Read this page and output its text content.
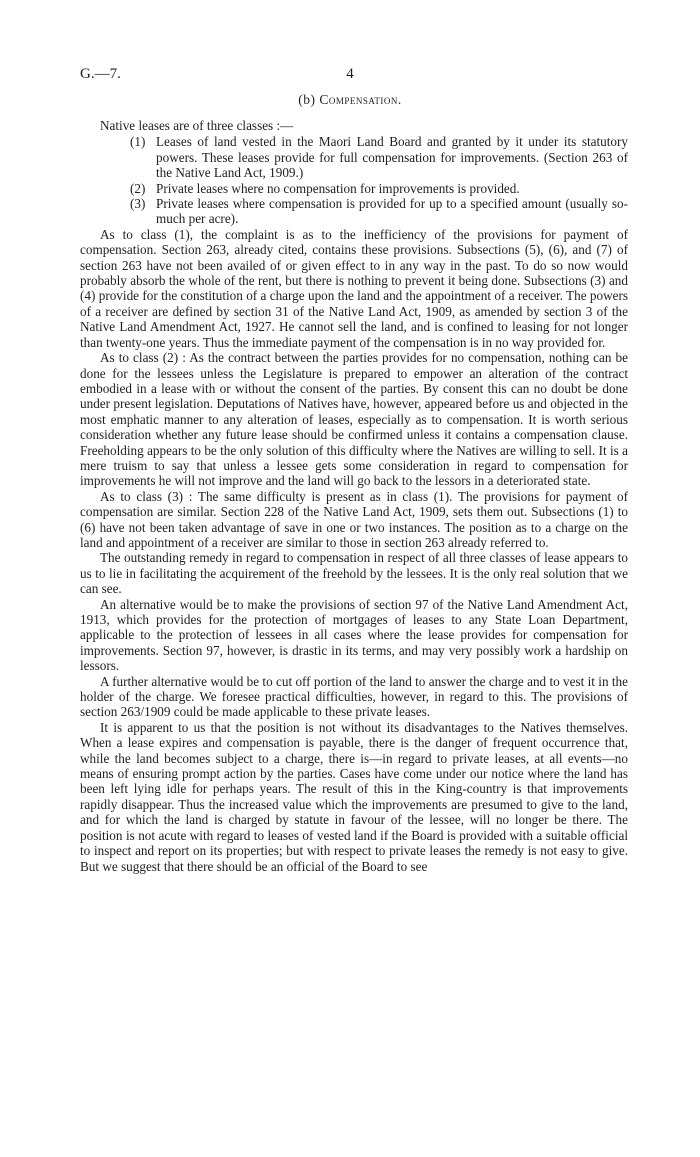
G.—7.	4
(b) Compensation.

Native leases are of three classes :—

(1) Leases of land vested in the Maori Land Board and granted by it under its statutory powers. These leases provide for full compensation for improvements. (Section 263 of the Native Land Act, 1909.)
(2) Private leases where no compensation for improvements is provided.
(3) Private leases where compensation is provided for up to a specified amount (usually so-much per acre).

As to class (1), the complaint is as to the inefficiency of the provisions for payment of compensation. Section 263, already cited, contains these provisions. Subsections (5), (6), and (7) of section 263 have not been availed of or given effect to in any way in the past. To do so now would probably absorb the whole of the rent, but there is nothing to prevent it being done. Subsections (3) and (4) provide for the constitution of a charge upon the land and the appointment of a receiver. The powers of a receiver are defined by section 31 of the Native Land Act, 1909, as amended by section 3 of the Native Land Amendment Act, 1927. He cannot sell the land, and is confined to leasing for not longer than twenty-one years. Thus the immediate payment of the compensation is in no way provided for.

As to class (2) : As the contract between the parties provides for no compensation, nothing can be done for the lessees unless the Legislature is prepared to empower an alteration of the contract embodied in a lease with or without the consent of the parties. By consent this can no doubt be done under present legislation. Deputations of Natives have, however, appeared before us and objected in the most emphatic manner to any alteration of leases, especially as to compensation. It is worth serious consideration whether any future lease should be confirmed unless it contains a compensation clause. Freeholding appears to be the only solution of this difficulty where the Natives are willing to sell. It is a mere truism to say that unless a lessee gets some consideration in regard to compensation for improvements he will not improve and the land will go back to the lessors in a deteriorated state.

As to class (3) : The same difficulty is present as in class (1). The provisions for payment of compensation are similar. Section 228 of the Native Land Act, 1909, sets them out. Subsections (1) to (6) have not been taken advantage of save in one or two instances. The position as to a charge on the land and appointment of a receiver are similar to those in section 263 already referred to.

The outstanding remedy in regard to compensation in respect of all three classes of lease appears to us to lie in facilitating the acquirement of the freehold by the lessees. It is the only real solution that we can see.

An alternative would be to make the provisions of section 97 of the Native Land Amendment Act, 1913, which provides for the protection of mortgages of leases to any State Loan Department, applicable to the protection of lessees in all cases where the lease provides for compensation for improvements. Section 97, however, is drastic in its terms, and may very possibly work a hardship on lessors.

A further alternative would be to cut off portion of the land to answer the charge and to vest it in the holder of the charge. We foresee practical difficulties, however, in regard to this. The provisions of section 263/1909 could be made applicable to these private leases.

It is apparent to us that the position is not without its disadvantages to the Natives themselves. When a lease expires and compensation is payable, there is the danger of frequent occurrence that, while the land becomes subject to a charge, there is—in regard to private leases, at all events—no means of ensuring prompt action by the parties. Cases have come under our notice where the land has been left lying idle for perhaps years. The result of this in the King-country is that improvements rapidly disappear. Thus the increased value which the improvements are presumed to give to the land, and for which the land is charged by statute in favour of the lessee, will no longer be there. The position is not acute with regard to leases of vested land if the Board is provided with a suitable official to inspect and report on its properties; but with respect to private leases the remedy is not easy to give. But we suggest that there should be an official of the Board to see
